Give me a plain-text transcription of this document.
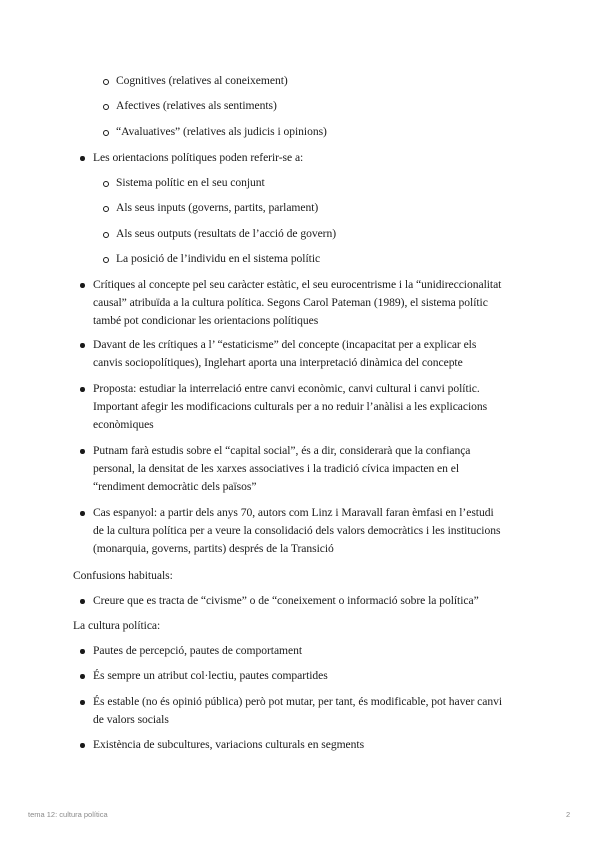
Cognitives (relatives al coneixement)
Afectives (relatives als sentiments)
“Avaluatives” (relatives als judicis i opinions)
Les orientacions polítiques poden referir-se a:
Sistema polític en el seu conjunt
Als seus inputs (governs, partits, parlament)
Als seus outputs (resultats de l’acció de govern)
La posició de l’individu en el sistema polític
Crítiques al concepte pel seu caràcter estàtic, el seu eurocentrisme i la “unidireccionalitat
causal” atribuïda a la cultura política. Segons Carol Pateman (1989), el sistema polític
també pot condicionar les orientacions polítiques
Davant de les crítiques a l’ “estaticisme” del concepte (incapacitat per a explicar els
canvis sociopolítiques), Inglehart aporta una interpretació dinàmica del concepte
Proposta: estudiar la interrelació entre canvi econòmic, canvi cultural i canvi polític.
Important afegir les modificacions culturals per a no reduir l’anàlisi a les explicacions
econòmiques
Putnam farà estudis sobre el “capital social”, és a dir, considerarà que la confiança
personal, la densitat de les xarxes associatives i la tradició cívica impacten en el
“rendiment democràtic dels països”
Cas espanyol: a partir dels anys 70, autors com Linz i Maravall faran èmfasi en l’estudi
de la cultura política per a veure la consolidació dels valors democràtics i les institucions
(monarquia, governs, partits) després de la Transició
Confusions habituals:
Creure que es tracta de “civisme” o de “coneixement o informació sobre la política”
La cultura política:
Pautes de percepció, pautes de comportament
És sempre un atribut col·lectiu, pautes compartides
És estable (no és opinió pública) però pot mutar, per tant, és modificable, pot haver canvi
de valors socials
Existència de subcultures, variacions culturals en segments
tema 12: cultura política	2
